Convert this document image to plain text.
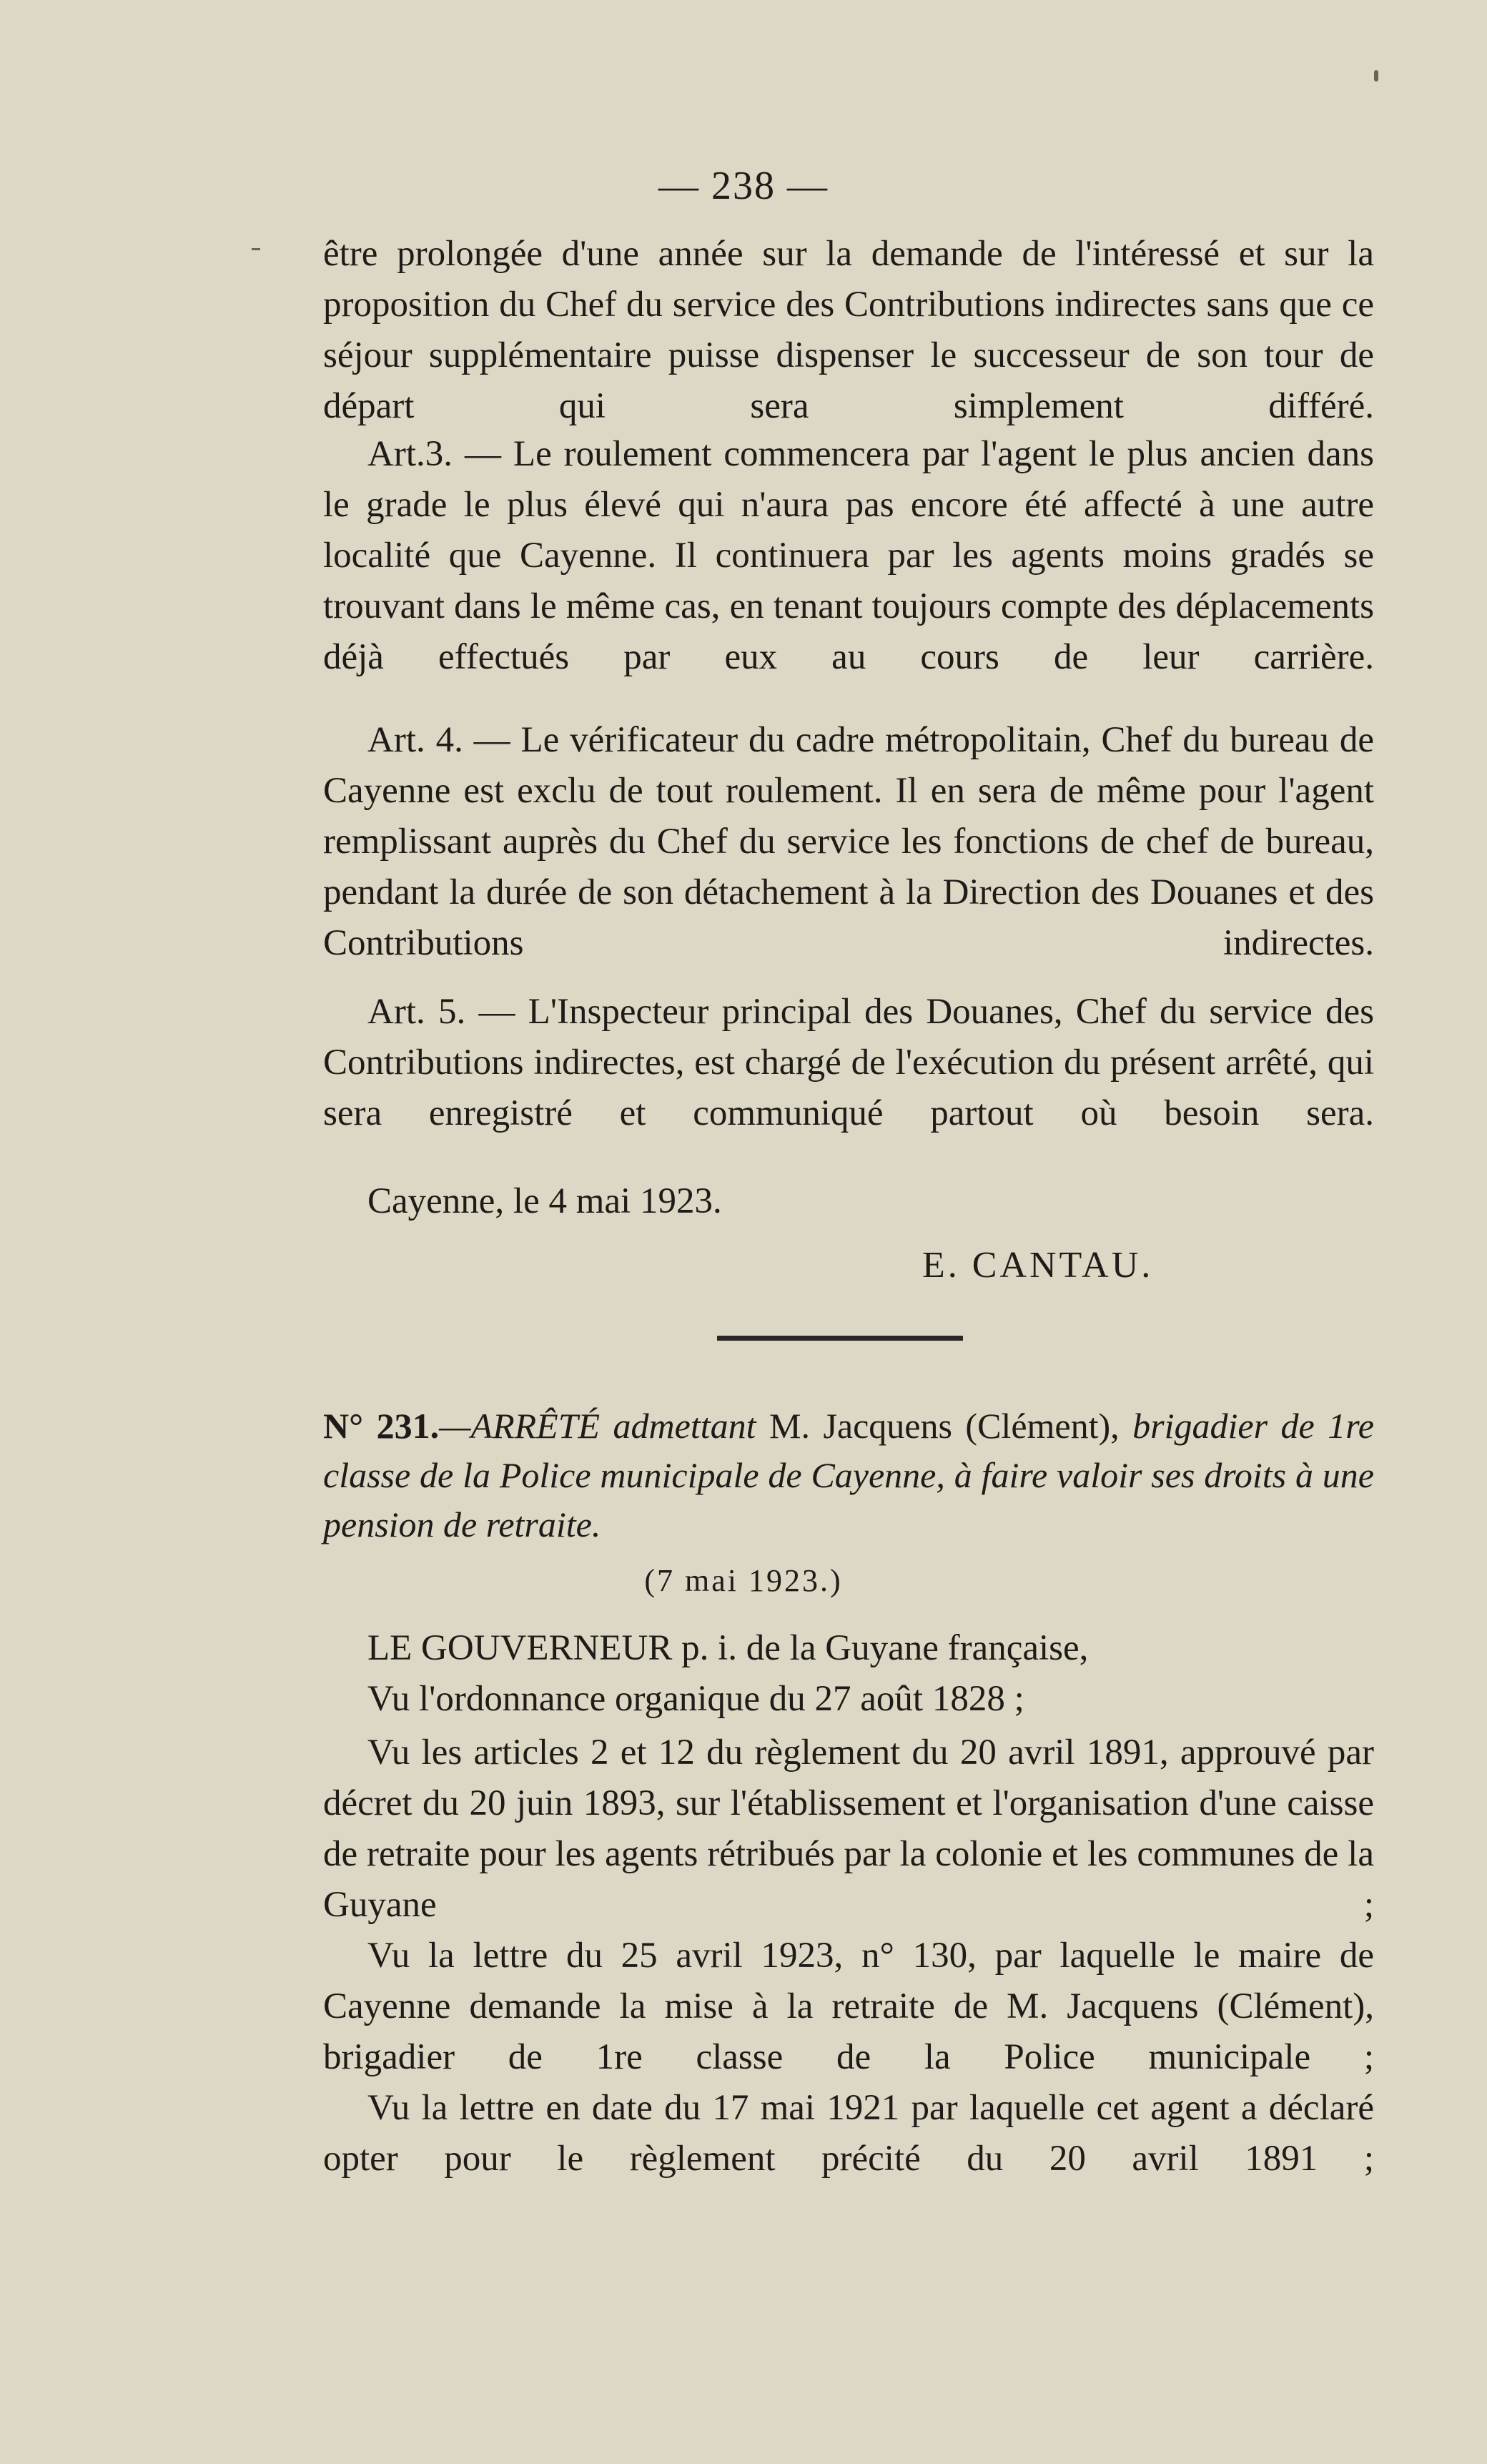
— 238 —

être prolongée d'une année sur la demande de l'intéressé et sur la proposition du Chef du service des Contributions indirectes sans que ce séjour supplémentaire puisse dispenser le successeur de son tour de départ qui sera simplement différé.

Art.3. — Le roulement commencera par l'agent le plus ancien dans le grade le plus élevé qui n'aura pas encore été affecté à une autre localité que Cayenne. Il continuera par les agents moins gradés se trouvant dans le même cas, en tenant toujours compte des déplacements déjà effectués par eux au cours de leur carrière.

Art. 4. — Le vérificateur du cadre métropolitain, Chef du bureau de Cayenne est exclu de tout roulement. Il en sera de même pour l'agent remplissant auprès du Chef du service les fonctions de chef de bureau, pendant la durée de son détachement à la Direction des Douanes et des Contributions indirectes.

Art. 5. — L'Inspecteur principal des Douanes, Chef du service des Contributions indirectes, est chargé de l'exécution du présent arrêté, qui sera enregistré et communiqué partout où besoin sera.

Cayenne, le 4 mai 1923.

E. CANTAU.

N° 231.—ARRÊTÉ admettant M. Jacquens (Clément), brigadier de 1re classe de la Police municipale de Cayenne, à faire valoir ses droits à une pension de retraite.

(7 mai 1923.)

LE GOUVERNEUR p. i. de la Guyane française,

Vu l'ordonnance organique du 27 août 1828 ;

Vu les articles 2 et 12 du règlement du 20 avril 1891, approuvé par décret du 20 juin 1893, sur l'établissement et l'organisation d'une caisse de retraite pour les agents rétribués par la colonie et les communes de la Guyane ;

Vu la lettre du 25 avril 1923, n° 130, par laquelle le maire de Cayenne demande la mise à la retraite de M. Jacquens (Clément), brigadier de 1re classe de la Police municipale ;

Vu la lettre en date du 17 mai 1921 par laquelle cet agent a déclaré opter pour le règlement précité du 20 avril 1891 ;
